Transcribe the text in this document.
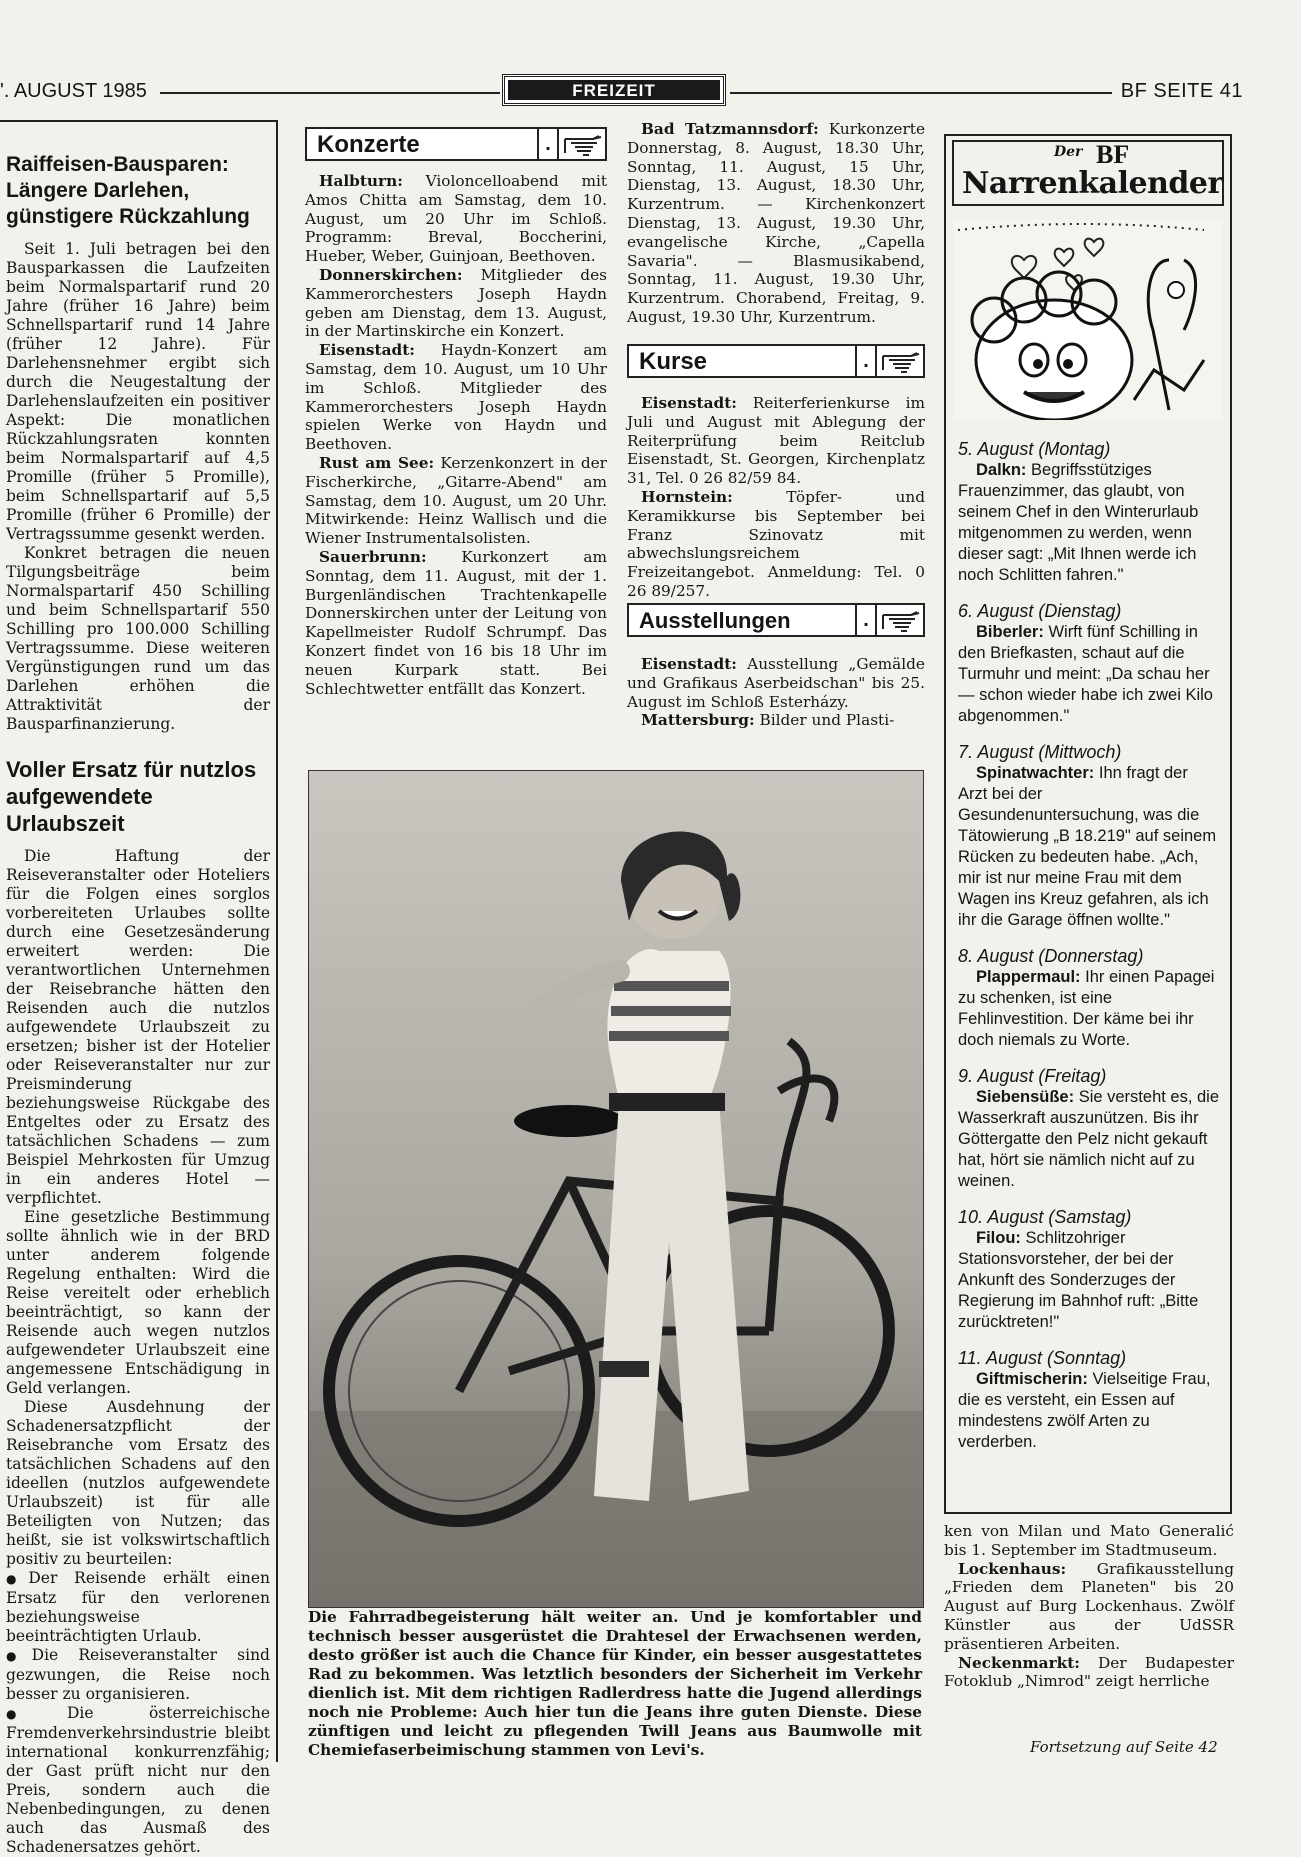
'. AUGUST 1985	FREIZEIT	BF SEITE 41
Raiffeisen-Bausparen: Längere Darlehen, günstigere Rückzahlung

Seit 1. Juli betragen bei den Bausparkassen die Laufzeiten beim Normalspartarif rund 20 Jahre (früher 16 Jahre) beim Schnellspartarif rund 14 Jahre (früher 12 Jahre). Für Darlehensnehmer ergibt sich durch die Neugestaltung der Darlehenslaufzeiten ein positiver Aspekt: Die monatlichen Rückzahlungsraten konnten beim Normalspartarif auf 4,5 Promille (früher 5 Promille), beim Schnellspartarif auf 5,5 Promille (früher 6 Promille) der Vertragssumme gesenkt werden.

Konkret betragen die neuen Tilgungsbeiträge beim Normalspartarif 450 Schilling und beim Schnellspartarif 550 Schilling pro 100.000 Schilling Vertragssumme. Diese weiteren Vergünstigungen rund um das Darlehen erhöhen die Attraktivität der Bausparfinanzierung.

Voller Ersatz für nutzlos aufgewendete Urlaubszeit

Die Haftung der Reiseveranstalter oder Hoteliers für die Folgen eines sorglos vorbereiteten Urlaubes sollte durch eine Gesetzesänderung erweitert werden: Die verantwortlichen Unternehmen der Reisebranche hätten den Reisenden auch die nutzlos aufgewendete Urlaubszeit zu ersetzen; bisher ist der Hotelier oder Reiseveranstalter nur zur Preisminderung beziehungsweise Rückgabe des Entgeltes oder zu Ersatz des tatsächlichen Schadens — zum Beispiel Mehrkosten für Umzug in ein anderes Hotel — verpflichtet.

Eine gesetzliche Bestimmung sollte ähnlich wie in der BRD unter anderem folgende Regelung enthalten: Wird die Reise vereitelt oder erheblich beeinträchtigt, so kann der Reisende auch wegen nutzlos aufgewendeter Urlaubszeit eine angemessene Entschädigung in Geld verlangen.

Diese Ausdehnung der Schadenersatzpflicht der Reisebranche vom Ersatz des tatsächlichen Schadens auf den ideellen (nutzlos aufgewendete Urlaubszeit) ist für alle Beteiligten von Nutzen; das heißt, sie ist volkswirtschaftlich positiv zu beurteilen:

● Der Reisende erhält einen Ersatz für den verlorenen beziehungsweise beeinträchtigten Urlaub.

● Die Reiseveranstalter sind gezwungen, die Reise noch besser zu organisieren.

● Die österreichische Fremdenverkehrsindustrie bleibt international konkurrenzfähig; der Gast prüft nicht nur den Preis, sondern auch die Nebenbedingungen, zu denen auch das Ausmaß des Schadenersatzes gehört.

Konzerte	.

Halbturn: Violoncelloabend mit Amos Chitta am Samstag, dem 10. August, um 20 Uhr im Schloß. Programm: Breval, Boccherini, Hueber, Weber, Guinjoan, Beethoven.

Donnerskirchen: Mitglieder des Kammerorchesters Joseph Haydn geben am Dienstag, dem 13. August, in der Martinskirche ein Konzert.

Eisenstadt: Haydn-Konzert am Samstag, dem 10. August, um 10 Uhr im Schloß. Mitglieder des Kammerorchesters Joseph Haydn spielen Werke von Haydn und Beethoven.

Rust am See: Kerzenkonzert in der Fischerkirche, „Gitarre-Abend" am Samstag, dem 10. August, um 20 Uhr. Mitwirkende: Heinz Wallisch und die Wiener Instrumentalsolisten.

Sauerbrunn: Kurkonzert am Sonntag, dem 11. August, mit der 1. Burgenländischen Trachtenkapelle Donnerskirchen unter der Leitung von Kapellmeister Rudolf Schrumpf. Das Konzert findet von 16 bis 18 Uhr im neuen Kurpark statt. Bei Schlechtwetter entfällt das Konzert.

Bad Tatzmannsdorf: Kurkonzerte Donnerstag, 8. August, 18.30 Uhr, Sonntag, 11. August, 15 Uhr, Dienstag, 13. August, 18.30 Uhr, Kurzentrum. — Kirchenkonzert Dienstag, 13. August, 19.30 Uhr, evangelische Kirche, „Capella Savaria". — Blasmusikabend, Sonntag, 11. August, 19.30 Uhr, Kurzentrum. Chorabend, Freitag, 9. August, 19.30 Uhr, Kurzentrum.

Kurse	.

Eisenstadt: Reiterferienkurse im Juli und August mit Ablegung der Reiterprüfung beim Reitclub Eisenstadt, St. Georgen, Kirchenplatz 31, Tel. 0 26 82/59 84.

Hornstein:	Töpfer- und Keramikkurse bis September bei Franz Szinovatz mit abwechslungsreichem Freizeitangebot. Anmeldung: Tel. 0 26 89/257.

Ausstellungen	.

Eisenstadt: Ausstellung „Gemälde und Grafikaus Aserbeidschan" bis 25. August im Schloß Esterházy.

Mattersburg: Bilder und Plasti-

Die Fahrradbegeisterung hält weiter an. Und je komfortabler und technisch besser ausgerüstet die Drahtesel der Erwachsenen werden, desto größer ist auch die Chance für Kinder, ein besser ausgestattetes Rad zu bekommen. Was letztlich besonders der Sicherheit im Verkehr dienlich ist. Mit dem richtigen Radlerdress hatte die Jugend allerdings noch nie Probleme: Auch hier tun die Jeans ihre guten Dienste. Diese zünftigen und leicht zu pflegenden Twill Jeans aus Baumwolle mit Chemiefaserbeimischung stammen von Levi's.
Der BF
Narrenkalender

5. August (Montag)

Dalkn: Begriffsstütziges Frauenzimmer, das glaubt, von seinem Chef in den Winterurlaub mitgenommen zu werden, wenn dieser sagt: „Mit Ihnen werde ich noch Schlitten fahren."

6. August (Dienstag)

Biberler: Wirft fünf Schilling in den Briefkasten, schaut auf die Turmuhr und meint: „Da schau her — schon wieder habe ich zwei Kilo abgenommen."

7. August (Mittwoch)

Spinatwachter: Ihn fragt der Arzt bei der Gesundenuntersuchung, was die Tätowierung „B 18.219" auf seinem Rücken zu bedeuten habe. „Ach, mir ist nur meine Frau mit dem Wagen ins Kreuz gefahren, als ich ihr die Garage öffnen wollte."

8. August (Donnerstag)

Plappermaul: Ihr einen Papagei zu schenken, ist eine Fehlinvestition. Der käme bei ihr doch niemals zu Worte.

9. August (Freitag)

Siebensüße: Sie versteht es, die Wasserkraft auszunützen. Bis ihr Göttergatte den Pelz nicht gekauft hat, hört sie nämlich nicht auf zu weinen.

10. August (Samstag)

Filou: Schlitzohriger Stationsvorsteher, der bei der Ankunft des Sonderzuges der Regierung im Bahnhof ruft: „Bitte zurücktreten!"

11. August (Sonntag)

Giftmischerin: Vielseitige Frau, die es versteht, ein Essen auf mindestens zwölf Arten zu verderben.

ken von Milan und Mato Generalić bis 1. September im Stadtmuseum.

Lockenhaus: Grafikausstellung „Frieden dem Planeten" bis 20 August auf Burg Lockenhaus. Zwölf Künstler aus der UdSSR präsentieren Arbeiten.

Neckenmarkt: Der Budapester Fotoklub „Nimrod" zeigt herrliche

Fortsetzung auf Seite 42
